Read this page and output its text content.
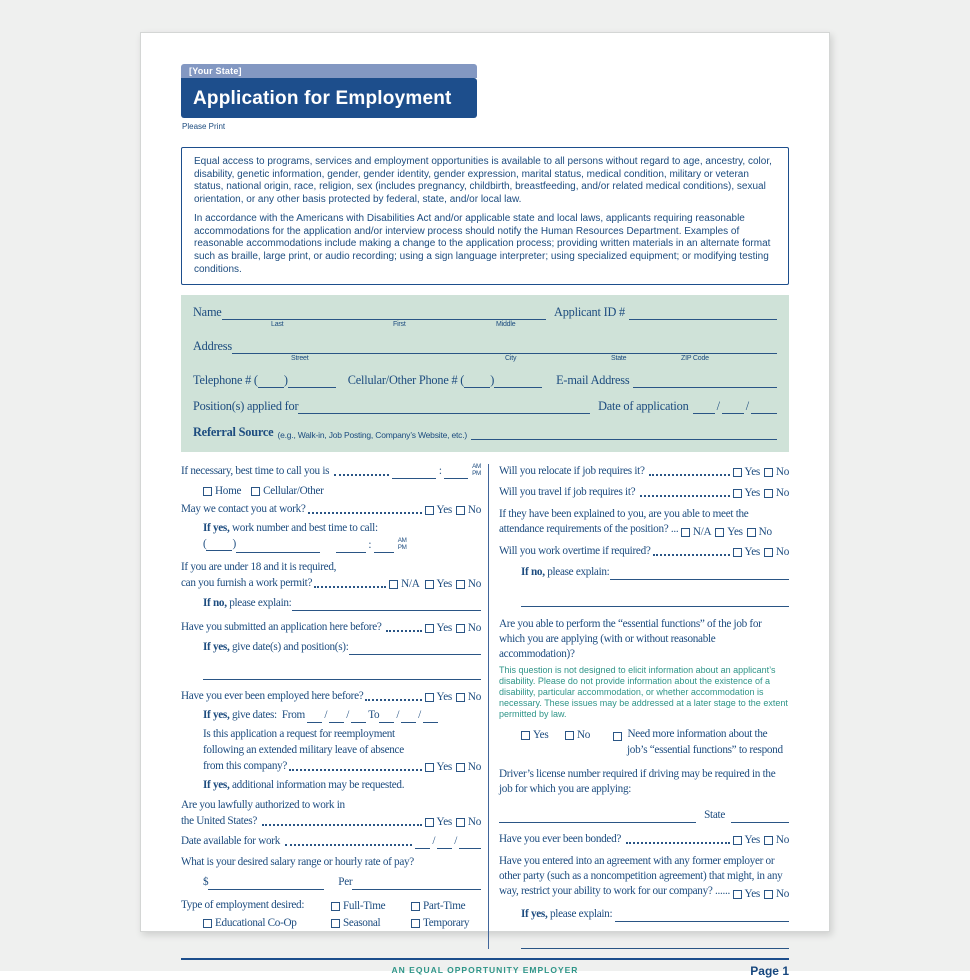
[Your State]
Application for Employment
Please Print

Equal access to programs, services and employment opportunities is available to all persons without regard to age, ancestry, color, disability, genetic information, gender, gender identity, gender expression, marital status, medical condition, military or veteran status, national origin, race, religion, sex (includes pregnancy, childbirth, breastfeeding, and/or related medical conditions), sexual orientation, or any other basis protected by federal, state, and/or local law.

In accordance with the Americans with Disabilities Act and/or applicable state and local laws, applicants requiring reasonable accommodations for the application and/or interview process should notify the Human Resources Department. Examples of reasonable accommodations include making a change to the application process; providing written materials in an alternate format such as braille, large print, or audio recording; using a sign language interpreter; using specialized equipment; or modifying testing conditions.

Name	Applicant ID #
Last	First	Middle
Address
Street	City	State	ZIP Code
Telephone # ( )	Cellular/Other Phone # ( )	E-mail Address
Position(s) applied for	Date of application	/ /
Referral Source (e.g., Walk-in, Job Posting, Company’s Website, etc.)
If necessary, best time to call you is	:	AM
PM
Home Cellular/Other
May we contact you at work?	Yes No
If yes, work number and best time to call:
( )	:	AM
PM
If you are under 18 and it is required,
can you furnish a work permit?	N/A Yes No
If no, please explain:
Have you submitted an application here before?	Yes No
If yes, give date(s) and position(s):
Have you ever been employed here before?	Yes No
If yes, give dates:  From / / To / /
Is this application a request for reemployment
following an extended military leave of absence
from this company?	Yes No
If yes, additional information may be requested.
Are you lawfully authorized to work in
the United States?	Yes No
Date available for work	/ /
What is your desired salary range or hourly rate of pay?
$	Per
Type of employment desired:	Full-Time	Part-Time
Educational Co-Op	Seasonal	Temporary
Will you relocate if job requires it?	Yes No
Will you travel if job requires it?	Yes No
If they have been explained to you, are you able to meet the attendance requirements of the position? ... N/A Yes No
Will you work overtime if required?	Yes No
If no, please explain:
Are you able to perform the “essential functions” of the job for which you are applying (with or without reasonable accommodation)?
This question is not designed to elicit information about an applicant’s disability. Please do not provide information about the existence of a disability, particular accommodation, or whether accommodation is necessary. These issues may be addressed at a later stage to the extent permitted by law.
Yes	No	Need more information about the
job’s “essential functions” to respond
Driver’s license number required if driving may be required in the job for which you are applying:
State
Have you ever been bonded?	Yes No
Have you entered into an agreement with any former employer or other party (such as a noncompetition agreement) that might, in any way, restrict your ability to work for our company? ...... Yes No
If yes, please explain:
AN EQUAL OPPORTUNITY EMPLOYER	Page 1
